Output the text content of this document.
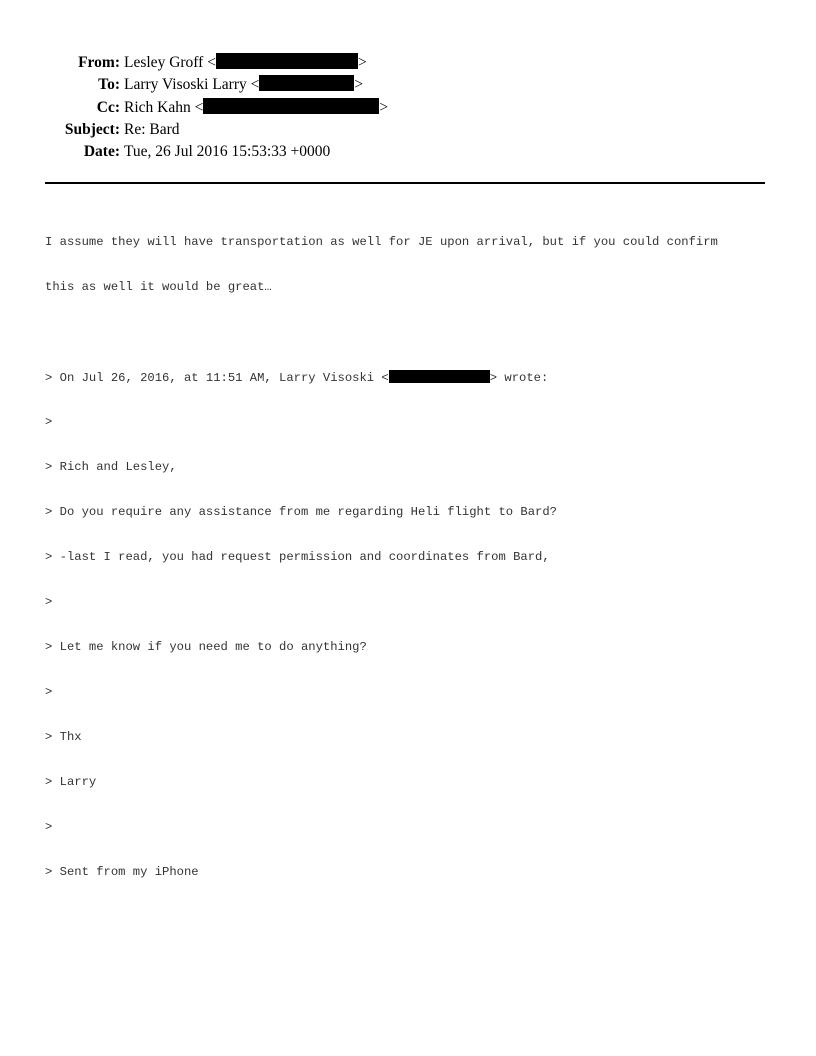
From: Lesley Groff <	>
To: Larry Visoski Larry <	>
Cc: Rich Kahn <	>
Subject: Re: Bard
Date: Tue, 26 Jul 2016 15:53:33 +0000

I assume they will have transportation as well for JE upon arrival, but if you could confirm

this as well it would be great…

> On Jul 26, 2016, at 11:51 AM, Larry Visoski <	> wrote:

>

> Rich and Lesley,

> Do you require any assistance from me regarding Heli flight to Bard?

> -last I read, you had request permission and coordinates from Bard,

>

> Let me know if you need me to do anything?

>

> Thx

> Larry

>

> Sent from my iPhone
